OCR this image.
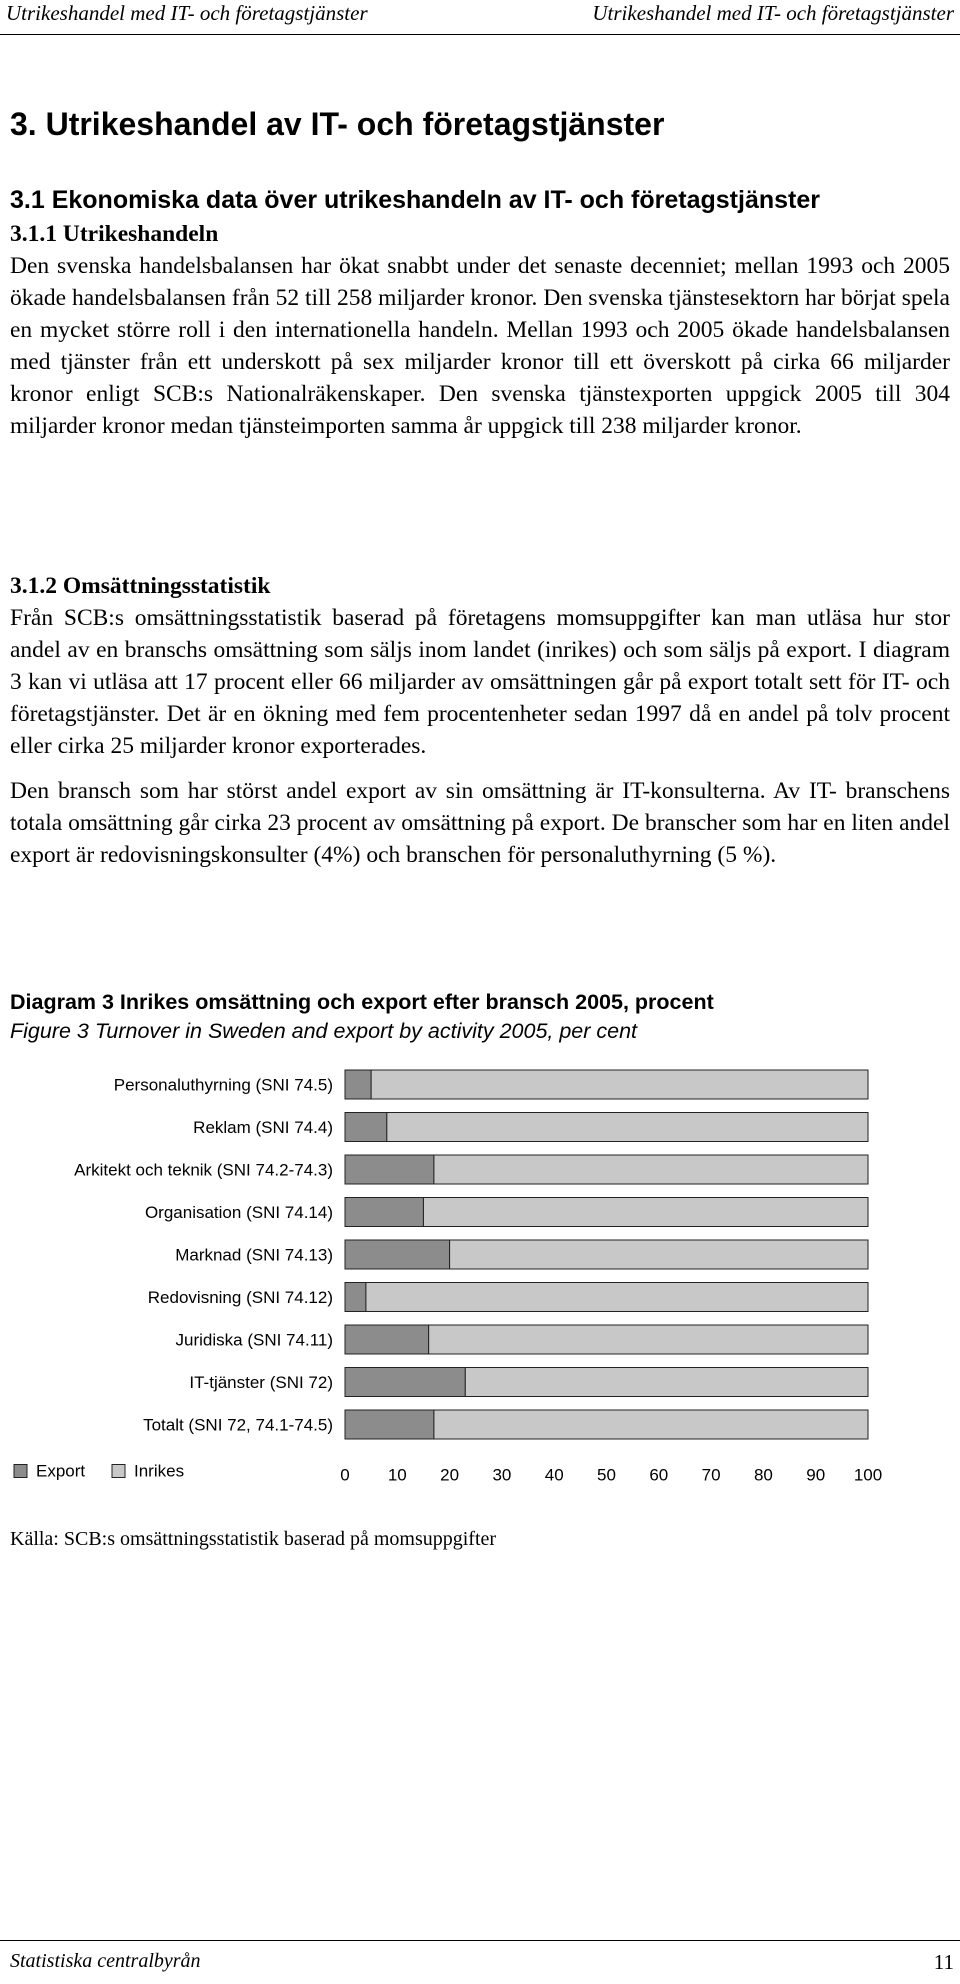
Utrikeshandel med IT- och företagstjänster	Utrikeshandel med IT- och företagstjänster
3. Utrikeshandel av IT- och företagstjänster
3.1 Ekonomiska data över utrikeshandeln av IT- och företagstjänster
3.1.1 Utrikeshandeln

Den svenska handelsbalansen har ökat snabbt under det senaste decenniet; mellan 1993 och 2005 ökade handelsbalansen från 52 till 258 miljarder kronor. Den svenska tjänstesektorn har börjat spela en mycket större roll i den internationella handeln. Mellan 1993 och 2005 ökade handelsbalansen med tjänster från ett underskott på sex miljarder kronor till ett överskott på cirka 66 miljarder kronor enligt SCB:s Nationalräkenskaper. Den svenska tjänstexporten uppgick 2005 till 304 miljarder kronor medan tjänsteimporten samma år uppgick till 238 miljarder kronor.

3.1.2 Omsättningsstatistik

Från SCB:s omsättningsstatistik baserad på företagens momsuppgifter kan man utläsa hur stor andel av en branschs omsättning som säljs inom landet (inrikes) och som säljs på export. I diagram 3 kan vi utläsa att 17 procent eller 66 miljarder av omsättningen går på export totalt sett för IT- och företagstjänster. Det är en ökning med fem procentenheter sedan 1997 då en andel på tolv procent eller cirka 25 miljarder kronor exporterades.

Den bransch som har störst andel export av sin omsättning är IT-konsulterna. Av IT- branschens totala omsättning går cirka 23 procent av omsättning på export. De branscher som har en liten andel export är redovisningskonsulter (4%) och branschen för personaluthyrning (5 %).

Diagram 3 Inrikes omsättning och export efter bransch 2005, procent
Figure 3 Turnover in Sweden and export by activity 2005, per cent
Personaluthyrning (SNI 74.5)
Reklam (SNI 74.4)
Arkitekt och teknik (SNI 74.2-74.3)
Organisation (SNI 74.14)
Marknad (SNI 74.13)
Redovisning (SNI 74.12)
Juridiska (SNI 74.11)
IT-tjänster (SNI 72)
Totalt (SNI 72, 74.1-74.5)
0 10 20 30 40 50 60 70 80 90 100
Export	Inrikes
Källa: SCB:s omsättningsstatistik baserad på momsuppgifter
Statistiska centralbyrån	11
